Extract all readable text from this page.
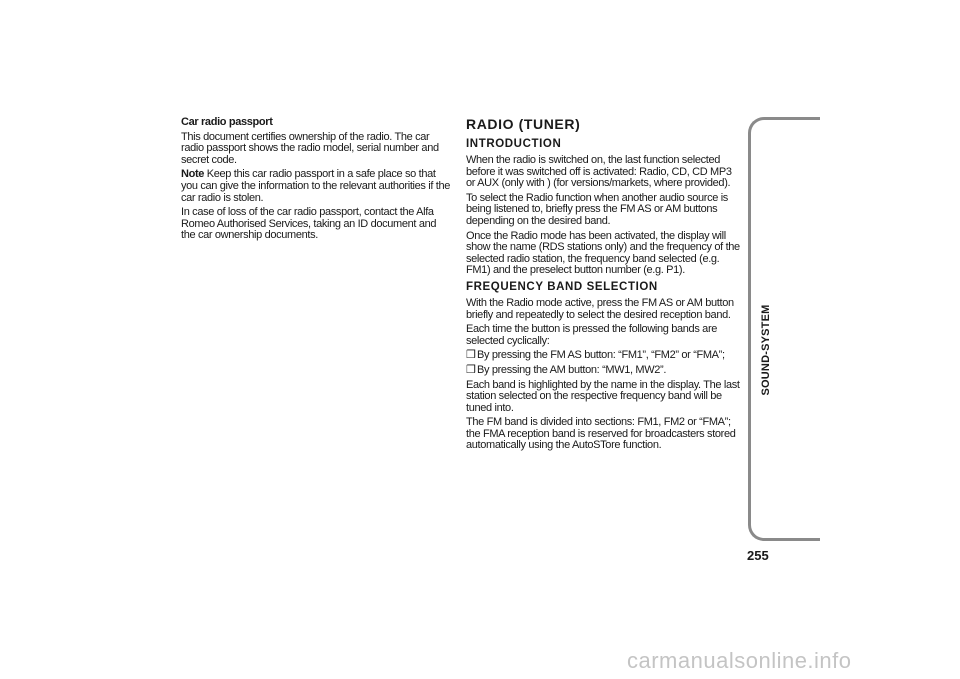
Car radio passport

This document certifies ownership of the radio. The car radio passport shows the radio model, serial number and secret code.

Note Keep this car radio passport in a safe place so that you can give the information to the relevant authorities if the car radio is stolen.

In case of loss of the car radio passport, contact the Alfa Romeo Authorised Services, taking an ID document and the car ownership documents.

RADIO (TUNER)
INTRODUCTION

When the radio is switched on, the last function selected before it was switched off is activated: Radio, CD, CD MP3 or AUX (only with ) (for versions/markets, where provided).

To select the Radio function when another audio source is being listened to, briefly press the FM AS or AM buttons depending on the desired band.

Once the Radio mode has been activated, the display will show the name (RDS stations only) and the frequency of the selected radio station, the frequency band selected (e.g. FM1) and the preselect button number (e.g. P1).

FREQUENCY BAND SELECTION

With the Radio mode active, press the FM AS or AM button briefly and repeatedly to select the desired reception band.

Each time the button is pressed the following bands are selected cyclically:

❒By pressing the FM AS button: “FM1”, “FM2” or “FMA”;

❒By pressing the AM button: “MW1, MW2”.

Each band is highlighted by the name in the display. The last station selected on the respective frequency band will be tuned into.

The FM band is divided into sections: FM1, FM2 or “FMA”; the FMA reception band is reserved for broadcasters stored automatically using the AutoSTore function.

SOUND-SYSTEM
255
carmanualsonline.info
